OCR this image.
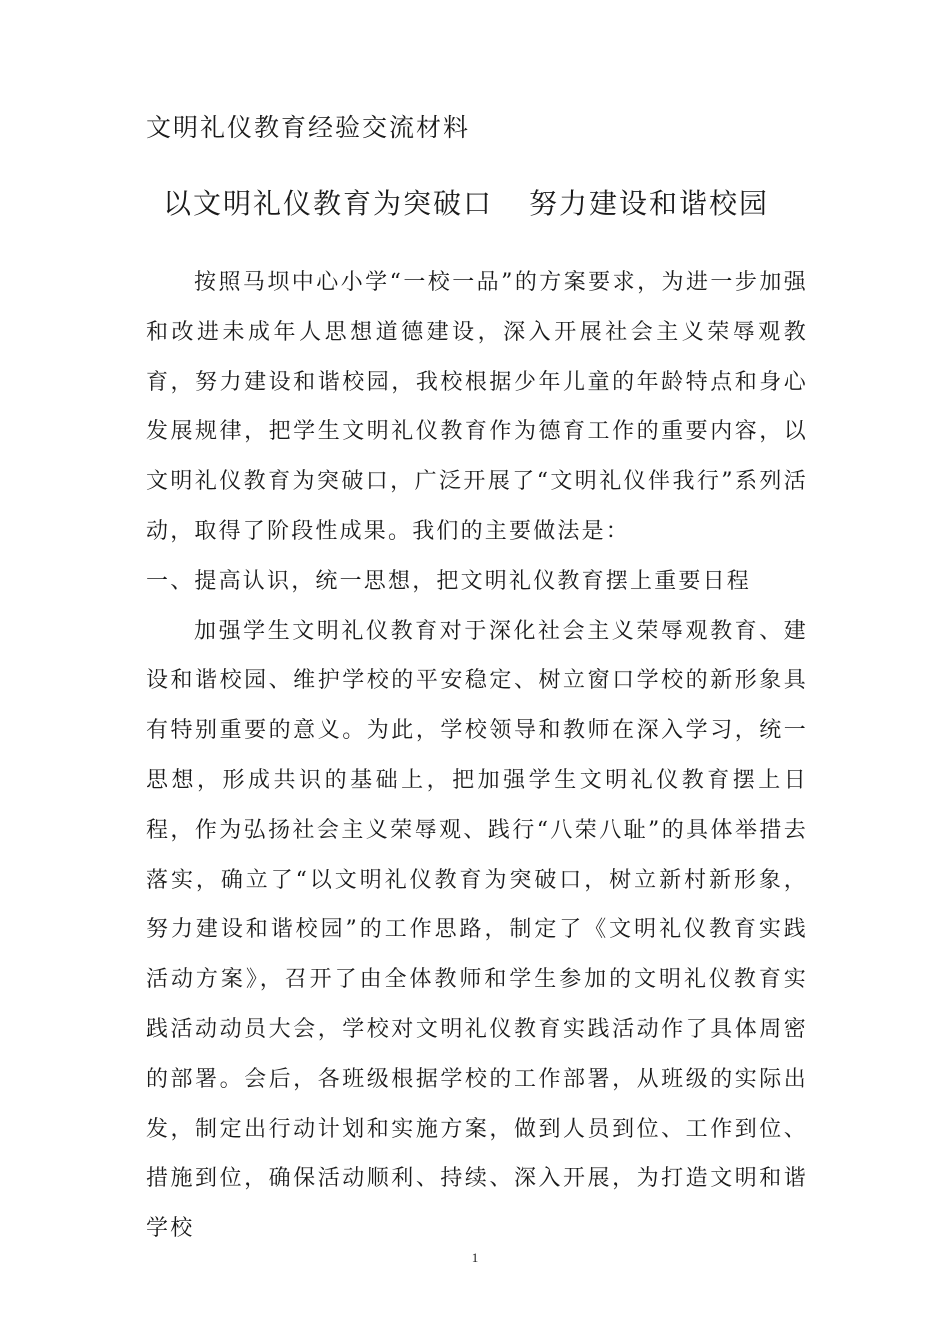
文明礼仪教育经验交流材料
以文明礼仪教育为突破口 努力建设和谐校园

按照马坝中心小学“一校一品”的方案要求，为进一步加强和改进未成年人思想道德建设，深入开展社会主义荣辱观教育，努力建设和谐校园，我校根据少年儿童的年龄特点和身心发展规律，把学生文明礼仪教育作为德育工作的重要内容，以文明礼仪教育为突破口，广泛开展了“文明礼仪伴我行”系列活动，取得了阶段性成果。我们的主要做法是：

一、提高认识，统一思想，把文明礼仪教育摆上重要日程

加强学生文明礼仪教育对于深化社会主义荣辱观教育、建设和谐校园、维护学校的平安稳定、树立窗口学校的新形象具有特别重要的意义。为此，学校领导和教师在深入学习，统一思想，形成共识的基础上，把加强学生文明礼仪教育摆上日程，作为弘扬社会主义荣辱观、践行“八荣八耻”的具体举措去落实，确立了“以文明礼仪教育为突破口，树立新村新形象，努力建设和谐校园”的工作思路，制定了《文明礼仪教育实践活动方案》，召开了由全体教师和学生参加的文明礼仪教育实践活动动员大会，学校对文明礼仪教育实践活动作了具体周密的部署。会后，各班级根据学校的工作部署，从班级的实际出发，制定出行动计划和实施方案，做到人员到位、工作到位、措施到位，确保活动顺利、持续、深入开展，为打造文明和谐学校

1
